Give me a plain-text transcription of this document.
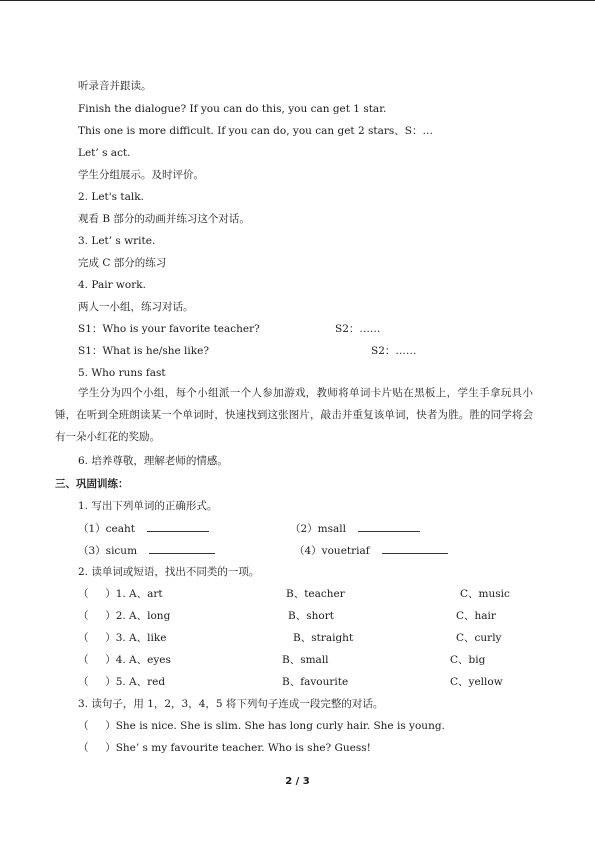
听录音并跟读。
Finish the dialogue? If you can do this, you can get 1 star.
This one is more difficult. If you can do, you can get 2 stars、S：…
Let’ s act.
学生分组展示。及时评价。
2. Let's talk.
观看 B 部分的动画并练习这个对话。
3. Let’ s write.
完成 C 部分的练习
4. Pair work.
两人一小组，练习对话。
S1：Who is your favorite teacher?	S2：……
S1：What is he/she like?	S2：……
5. Who runs fast
学生分为四个小组，每个小组派一个人参加游戏，教师将单词卡片贴在黑板上，学生手拿玩具小锤，在听到全班朗读某一个单词时，快速找到这张图片，敲击并重复该单词，快者为胜。胜的同学将会有一朵小红花的奖励。
6. 培养尊敬，理解老师的情感。
三、巩固训练：
1. 写出下列单词的正确形式。
（1）ceaht	（2）msall
（3）sicum	（4）vouetriaf
2. 读单词或短语，找出不同类的一项。
（     ）1. A、art	B、teacher	C、music
（     ）2. A、long	B、short	C、hair
（     ）3. A、like	B、straight	C、curly
（     ）4. A、eyes	B、small	C、big
（     ）5. A、red	B、favourite	C、yellow
3. 读句子，用 1，2，3，4，5 将下列句子连成一段完整的对话。
（     ）She is nice. She is slim. She has long curly hair. She is young.
（     ）She’ s my favourite teacher. Who is she? Guess!
2 / 3
